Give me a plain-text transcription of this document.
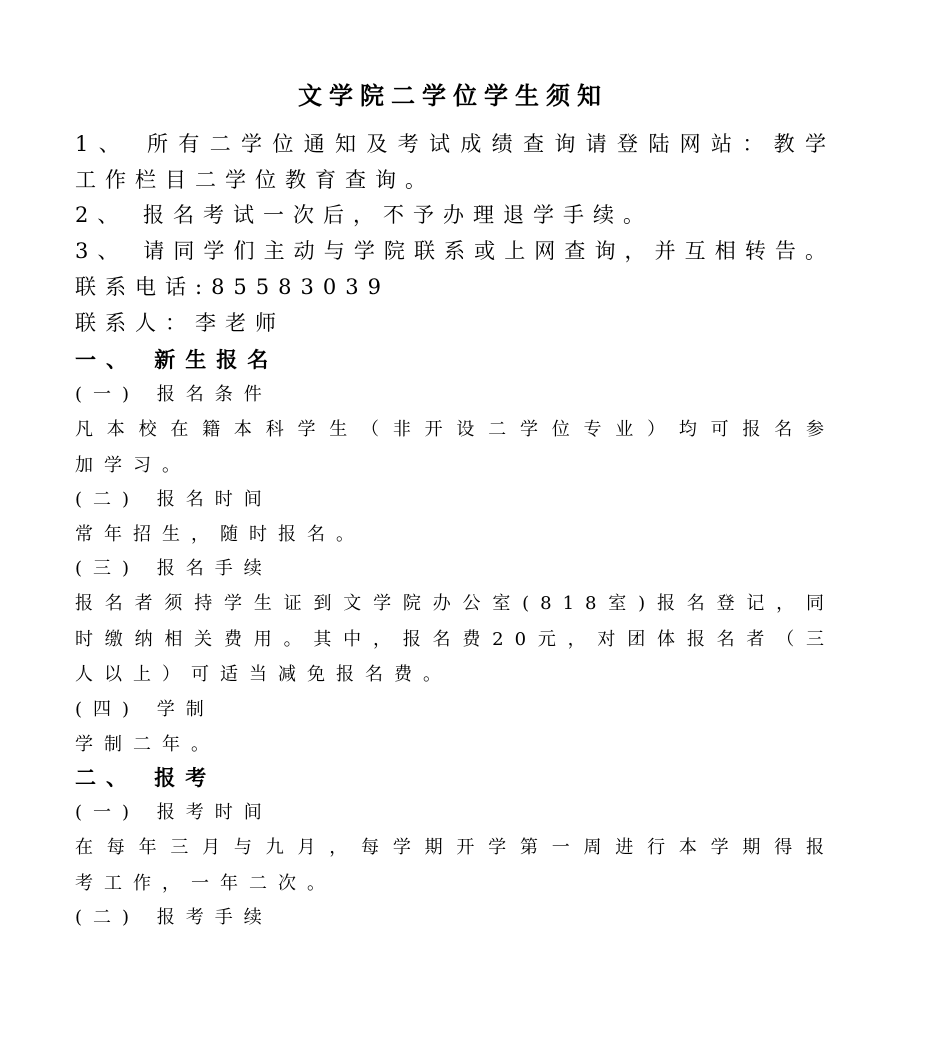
文学院二学位学生须知
1、 所有二学位通知及考试成绩查询请登陆网站：教学
工作栏目二学位教育查询。
2、 报名考试一次后，不予办理退学手续。
3、 请同学们主动与学院联系或上网查询，并互相转告。
联系电话:85583039
联系人：李老师
一、 新生报名
(一) 报名条件
凡本校在籍本科学生（非开设二学位专业）均可报名参
加学习。
(二) 报名时间
常年招生，随时报名。
(三) 报名手续
报名者须持学生证到文学院办公室(818室)报名登记，同
时缴纳相关费用。其中，报名费20元，对团体报名者（三
人以上）可适当减免报名费。
(四) 学制
学制二年。
二、 报考
(一) 报考时间
在每年三月与九月，每学期开学第一周进行本学期得报
考工作，一年二次。
(二) 报考手续
